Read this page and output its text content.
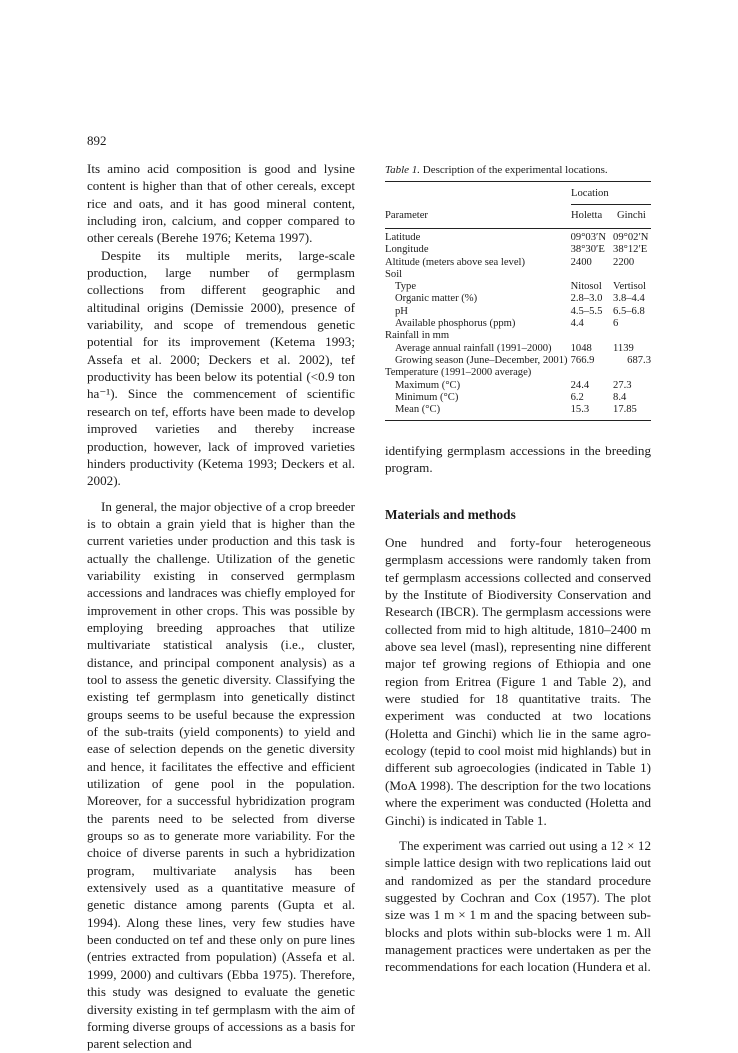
892

Its amino acid composition is good and lysine content is higher than that of other cereals, except rice and oats, and it has good mineral content, including iron, calcium, and copper compared to other cereals (Berehe 1976; Ketema 1997).

Despite its multiple merits, large-scale production, large number of germplasm collections from different geographic and altitudinal origins (Demissie 2000), presence of variability, and scope of tremendous genetic potential for its improvement (Ketema 1993; Assefa et al. 2000; Deckers et al. 2002), tef productivity has been below its potential (<0.9 ton ha⁻¹). Since the commencement of scientific research on tef, efforts have been made to develop improved varieties and thereby increase production, however, lack of improved varieties hinders productivity (Ketema 1993; Deckers et al. 2002).

In general, the major objective of a crop breeder is to obtain a grain yield that is higher than the current varieties under production and this task is actually the challenge. Utilization of the genetic variability existing in conserved germplasm accessions and landraces was chiefly employed for improvement in other crops. This was possible by employing breeding approaches that utilize multivariate statistical analysis (i.e., cluster, distance, and principal component analysis) as a tool to assess the genetic diversity. Classifying the existing tef germplasm into genetically distinct groups seems to be useful because the expression of the sub-traits (yield components) to yield and ease of selection depends on the genetic diversity and hence, it facilitates the effective and efficient utilization of gene pool in the population. Moreover, for a successful hybridization program the parents need to be selected from diverse groups so as to generate more variability. For the choice of diverse parents in such a hybridization program, multivariate analysis has been extensively used as a quantitative measure of genetic distance among parents (Gupta et al. 1994). Along these lines, very few studies have been conducted on tef and these only on pure lines (entries extracted from population) (Assefa et al. 1999, 2000) and cultivars (Ebba 1975). Therefore, this study was designed to evaluate the genetic diversity existing in tef germplasm with the aim of forming diverse groups of accessions as a basis for parent selection and

Table 1. Description of the experimental locations.
Location
Parameter	Holetta Ginchi
Latitude	09°03′N	09°02′N
Longitude	38°30′E	38°12′E
Altitude (meters above sea level)	2400	2200
Soil		
Type	Nitosol	Vertisol
Organic matter (%)	2.8–3.0	3.8–4.4
pH	4.5–5.5	6.5–6.8
Available phosphorus (ppm)	4.4	6
Rainfall in mm		
Average annual rainfall (1991–2000)	1048	1139
Growing season (June–December, 2001)	766.9	687.3
Temperature (1991–2000 average)		
Maximum (°C)	24.4	27.3
Minimum (°C)	6.2	8.4
Mean (°C)	15.3	17.85

identifying germplasm accessions in the breeding program.

Materials and methods

One hundred and forty-four heterogeneous germplasm accessions were randomly taken from tef germplasm accessions collected and conserved by the Institute of Biodiversity Conservation and Research (IBCR). The germplasm accessions were collected from mid to high altitude, 1810–2400 m above sea level (masl), representing nine different major tef growing regions of Ethiopia and one region from Eritrea (Figure 1 and Table 2), and were studied for 18 quantitative traits. The experiment was conducted at two locations (Holetta and Ginchi) which lie in the same agro-ecology (tepid to cool moist mid highlands) but in different sub agroecologies (indicated in Table 1) (MoA 1998). The description for the two locations where the experiment was conducted (Holetta and Ginchi) is indicated in Table 1.

The experiment was carried out using a 12 × 12 simple lattice design with two replications laid out and randomized as per the standard procedure suggested by Cochran and Cox (1957). The plot size was 1 m × 1 m and the spacing between sub-blocks and plots within sub-blocks were 1 m. All management practices were undertaken as per the recommendations for each location (Hundera et al.
